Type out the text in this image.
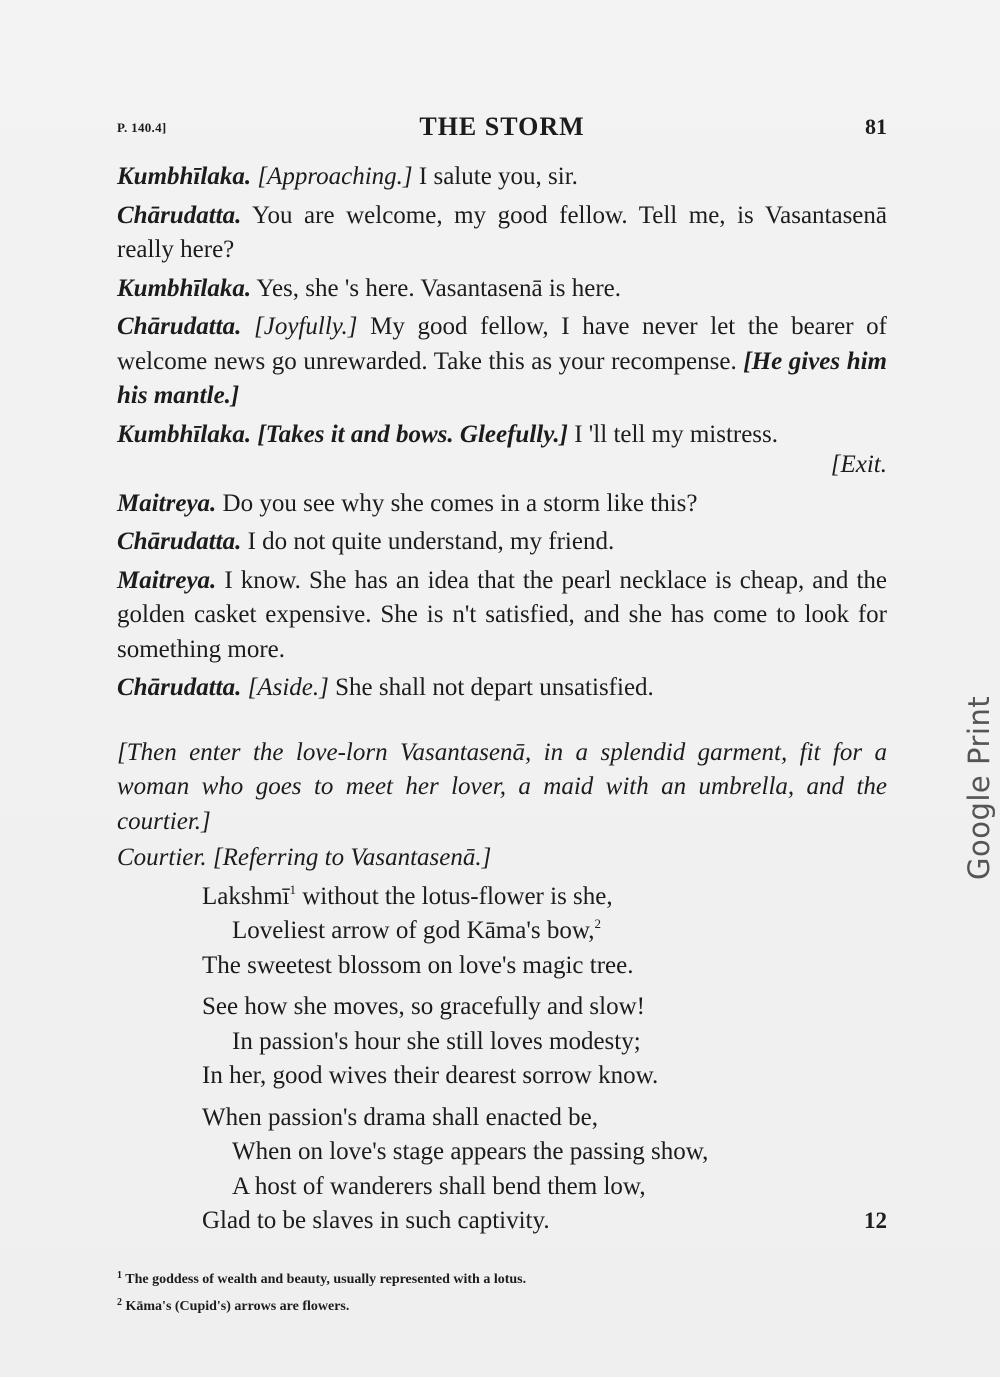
P. 140.4]	THE STORM	81

Kumbhīlaka. [Approaching.] I salute you, sir.

Chārudatta. You are welcome, my good fellow. Tell me, is Vasantasenā really here?

Kumbhīlaka. Yes, she 's here. Vasantasenā is here.

Chārudatta. [Joyfully.] My good fellow, I have never let the bearer of welcome news go unrewarded. Take this as your recompense. [He gives him his mantle.]

Kumbhīlaka. [Takes it and bows. Gleefully.] I 'll tell my mistress.

[Exit.

Maitreya. Do you see why she comes in a storm like this?

Chārudatta. I do not quite understand, my friend.

Maitreya. I know. She has an idea that the pearl necklace is cheap, and the golden casket expensive. She is n't satisfied, and she has come to look for something more.

Chārudatta. [Aside.] She shall not depart unsatisfied.

[Then enter the love-lorn Vasantasenā, in a splendid garment, fit for a woman who goes to meet her lover, a maid with an umbrella, and the courtier.]

Courtier. [Referring to Vasantasenā.]

Lakshmī$^1$ without the lotus-flower is she,
Loveliest arrow of god Kāma's bow,$^2$
The sweetest blossom on love's magic tree.
See how she moves, so gracefully and slow!
In passion's hour she still loves modesty;
In her, good wives their dearest sorrow know.
When passion's drama shall enacted be,
When on love's stage appears the passing show,
A host of wanderers shall bend them low,
Glad to be slaves in such captivity.	12
$^1$ The goddess of wealth and beauty, usually represented with a lotus.
$^2$ Kāma's (Cupid's) arrows are flowers.
Google Print
